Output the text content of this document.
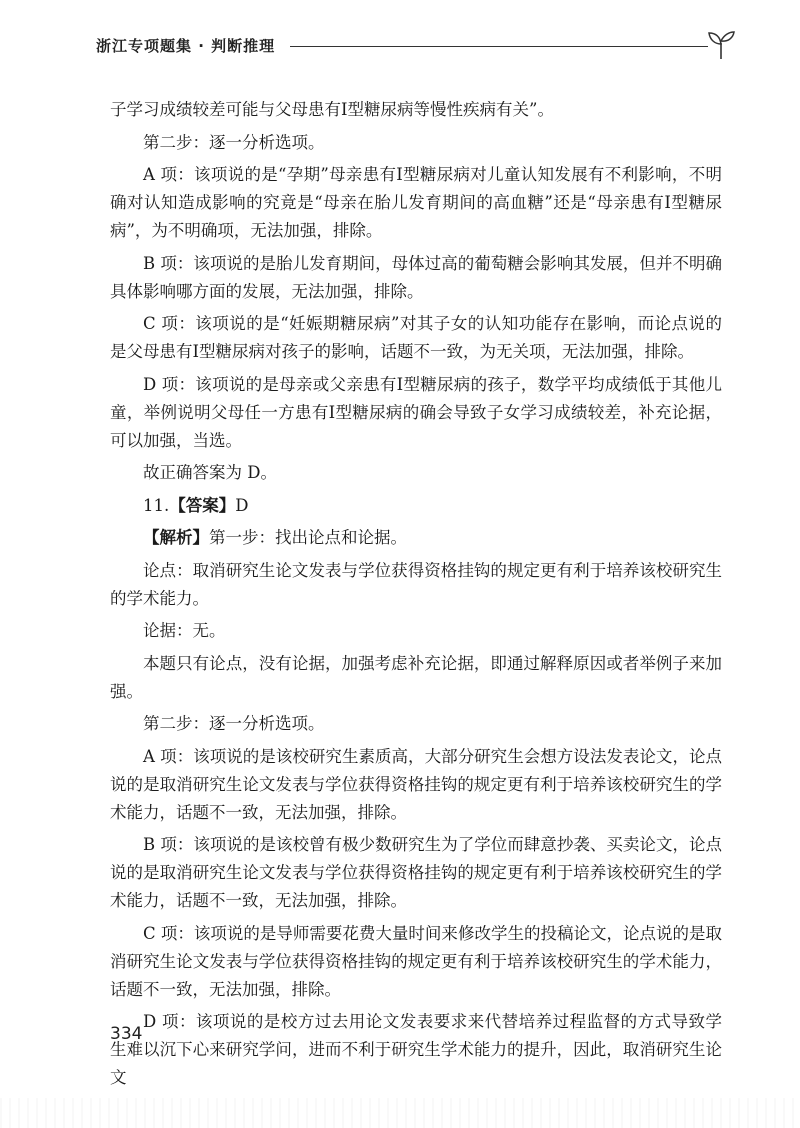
浙江专项题集 · 判断推理

子学习成绩较差可能与父母患有Ⅰ型糖尿病等慢性疾病有关”。

第二步：逐一分析选项。

A 项：该项说的是“孕期”母亲患有Ⅰ型糖尿病对儿童认知发展有不利影响，不明确对认知造成影响的究竟是“母亲在胎儿发育期间的高血糖”还是“母亲患有Ⅰ型糖尿病”，为不明确项，无法加强，排除。

B 项：该项说的是胎儿发育期间，母体过高的葡萄糖会影响其发展，但并不明确具体影响哪方面的发展，无法加强，排除。

C 项：该项说的是“妊娠期糖尿病”对其子女的认知功能存在影响，而论点说的是父母患有Ⅰ型糖尿病对孩子的影响，话题不一致，为无关项，无法加强，排除。

D 项：该项说的是母亲或父亲患有Ⅰ型糖尿病的孩子，数学平均成绩低于其他儿童，举例说明父母任一方患有Ⅰ型糖尿病的确会导致子女学习成绩较差，补充论据，可以加强，当选。

故正确答案为 D。

11.【答案】D

【解析】第一步：找出论点和论据。

论点：取消研究生论文发表与学位获得资格挂钩的规定更有利于培养该校研究生的学术能力。

论据：无。

本题只有论点，没有论据，加强考虑补充论据，即通过解释原因或者举例子来加强。

第二步：逐一分析选项。

A 项：该项说的是该校研究生素质高，大部分研究生会想方设法发表论文，论点说的是取消研究生论文发表与学位获得资格挂钩的规定更有利于培养该校研究生的学术能力，话题不一致，无法加强，排除。

B 项：该项说的是该校曾有极少数研究生为了学位而肆意抄袭、买卖论文，论点说的是取消研究生论文发表与学位获得资格挂钩的规定更有利于培养该校研究生的学术能力，话题不一致，无法加强，排除。

C 项：该项说的是导师需要花费大量时间来修改学生的投稿论文，论点说的是取消研究生论文发表与学位获得资格挂钩的规定更有利于培养该校研究生的学术能力，话题不一致，无法加强，排除。

D 项：该项说的是校方过去用论文发表要求来代替培养过程监督的方式导致学生难以沉下心来研究学问，进而不利于研究生学术能力的提升，因此，取消研究生论文

334
